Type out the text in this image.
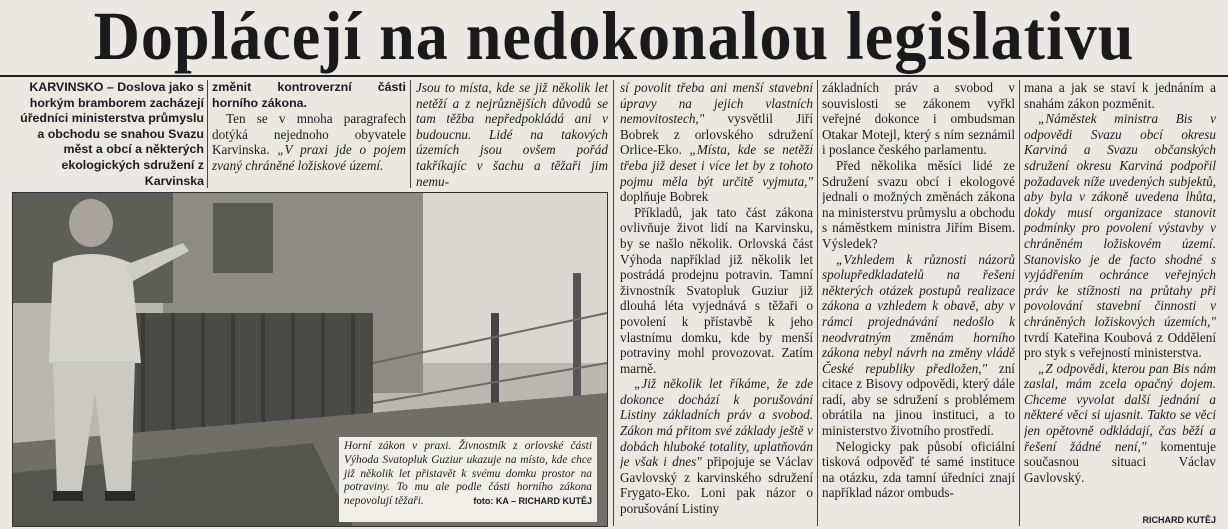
Doplácejí na nedokonalou legislativu

KARVINSKO – Doslova jako s horkým bramborem zacházejí úředníci ministerstva průmyslu a obchodu se snahou Svazu měst a obcí a některých ekologických sdružení z Karvinska

změnit kontroverzní části horního zákona.

Ten se v mnoha paragrafech dotýká nejednoho obyvatele Karvinska. „V praxi jde o pojem zvaný chráněné ložiskové území.

Jsou to místa, kde se již několik let netěží a z nejrůznějších důvodů se tam těžba nepředpokládá ani v budoucnu. Lidé na takových územích jsou ovšem pořád takříkajíc v šachu a těžaři jim nemu-

Horní zákon v praxi. Živnostník z orlovské části Výhoda Svatopluk Guziur ukazuje na místo, kde chce již několik let přistavět k svému domku prostor na potraviny. To mu ale podle části horního zákona nepovolují těžaři.	foto: KA – RICHARD KUTĚJ

sí povolit třeba ani menší stavební úpravy na jejich vlastních nemovitostech," vysvětlil Jiří Bobrek z orlovského sdružení Orlice-Eko. „Místa, kde se netěží třeba již deset i více let by z tohoto pojmu měla být určitě vyjmuta," doplňuje Bobrek

Příkladů, jak tato část zákona ovlivňuje život lidí na Karvinsku, by se našlo několik. Orlovská část Výhoda například již několik let postrádá prodejnu potravin. Tamní živnostník Svatopluk Guziur již dlouhá léta vyjednává s těžaři o povolení k přístavbě k jeho vlastnímu domku, kde by menší potraviny mohl provozovat. Zatím marně.

„Již několik let říkáme, že zde dokonce dochází k porušování Listiny základních práv a svobod. Zákon má přitom své základy ještě v dobách hluboké totality, uplatňován je však i dnes" připojuje se Václav Gavlovský z karvinského sdružení Frygato-Eko. Loni pak názor o porušování Listiny

základních práv a svobod v souvislosti se zákonem vyřkl veřejné dokonce i ombudsman Otakar Motejl, který s ním seznámil i poslance českého parlamentu.

Před několika měsíci lidé ze Sdružení svazu obcí i ekologové jednali o možných změnách zákona na ministerstvu průmyslu a obchodu s náměstkem ministra Jiřím Bisem. Výsledek?

„Vzhledem k různosti názorů spolupředkladatelů na řešení některých otázek postupů realizace zákona a vzhledem k obavě, aby v rámci projednávání nedošlo k neodvratným změnám horního zákona nebyl návrh na změny vládě České republiky předložen," zní citace z Bisovy odpovědi, který dále radí, aby se sdružení s problémem obrátila na jinou instituci, a to ministerstvo životního prostředí.

Nelogicky pak působí oficiální tisková odpověď té samé instituce na otázku, zda tamní úředníci znají například názor ombuds-

mana a jak se staví k jednáním a snahám zákon pozměnit.

„Náměstek ministra Bis v odpovědi Svazu obcí okresu Karviná a Svazu občanských sdružení okresu Karviná podpořil požadavek níže uvedených subjektů, aby byla v zákoně uvedena lhůta, dokdy musí organizace stanovit podmínky pro povolení výstavby v chráněném ložiskovém území. Stanovisko je de facto shodné s vyjádřením ochránce veřejných práv ke stížnosti na průtahy při povolování stavební činnosti v chráněných ložiskových územích," tvrdí Kateřina Koubová z Oddělení pro styk s veřejností ministerstva.

„Z odpovědi, kterou pan Bis nám zaslal, mám zcela opačný dojem. Chceme vyvolat další jednání a některé věci si ujasnit. Takto se věci jen opětovně odkládají, čas běží a řešení žádné není," komentuje současnou situaci Václav Gavlovský.

RICHARD KUTĚJ
